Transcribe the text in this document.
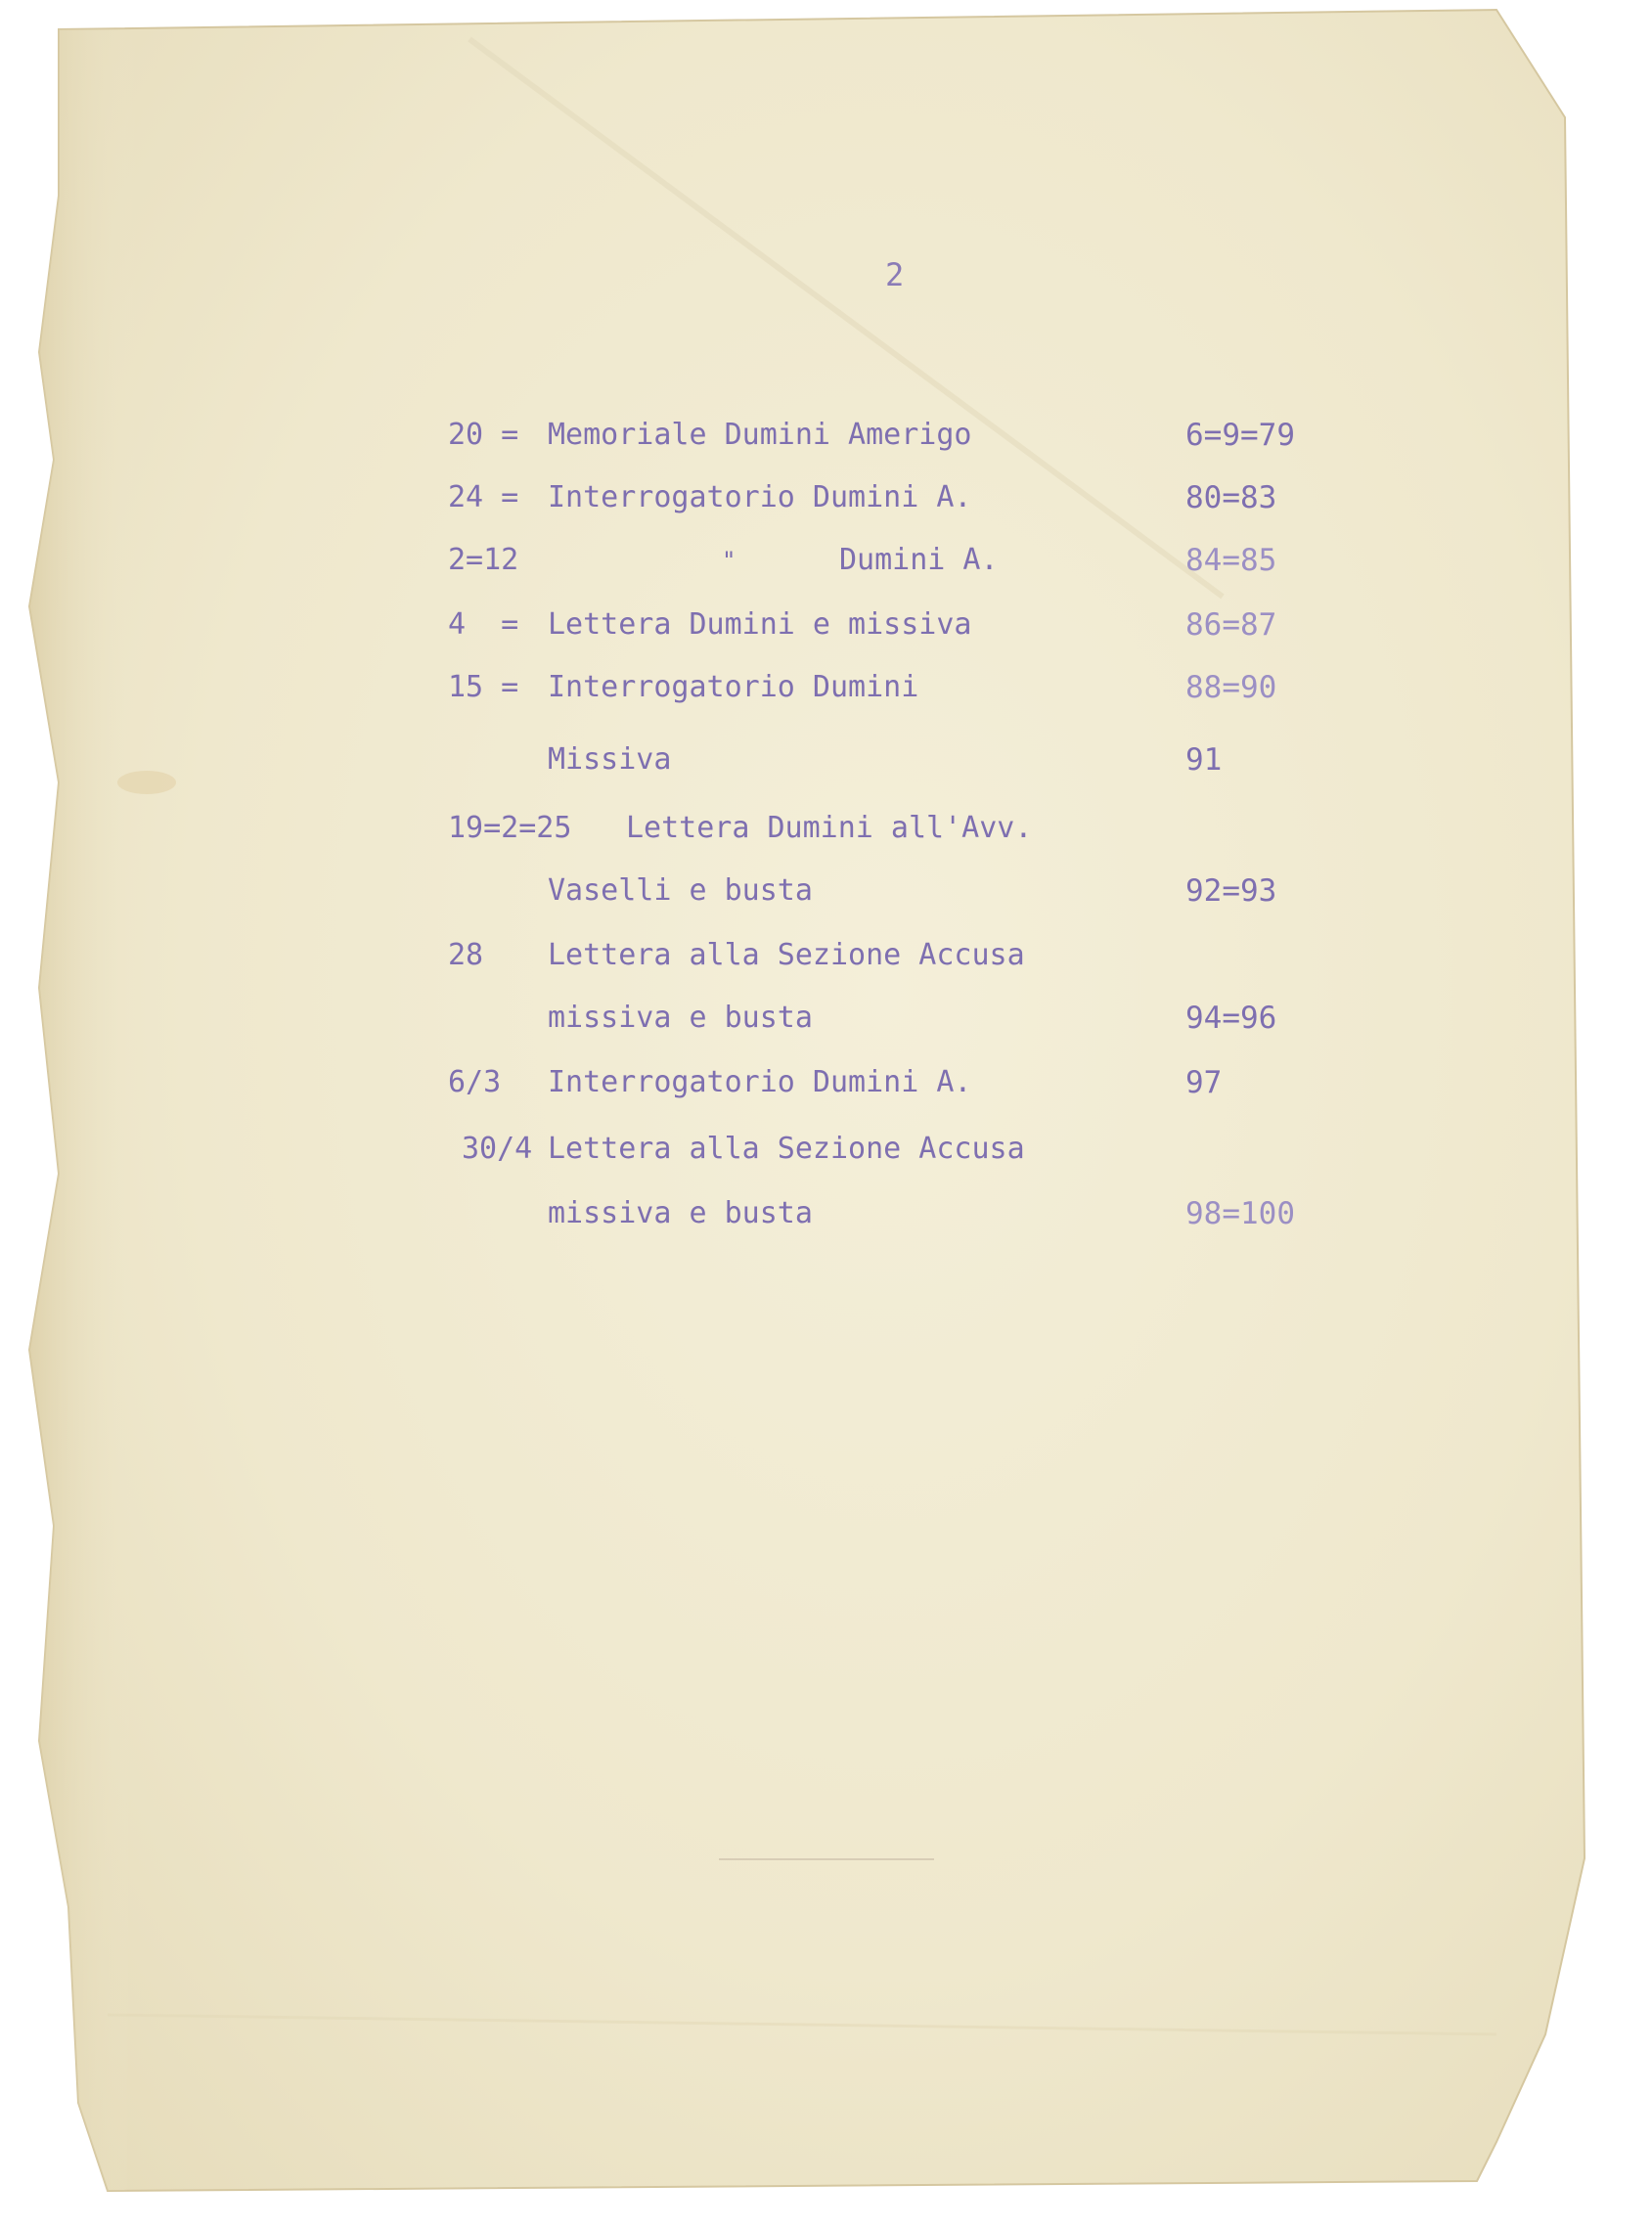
2
20 = Memoriale Dumini Amerigo	6=9=79
24 = Interrogatorio Dumini A.	80=83
2=12	"	Dumini A.	84=85
4  = Lettera Dumini e missiva	86=87
15 = Interrogatorio Dumini	88=90
Missiva	91
19=2=25 Lettera Dumini all'Avv.
Vaselli e busta	92=93
28 Lettera alla Sezione Accusa
missiva e busta	94=96
6/3 Interrogatorio Dumini A.	97
30/4 Lettera alla Sezione Accusa
missiva e busta	98=100
